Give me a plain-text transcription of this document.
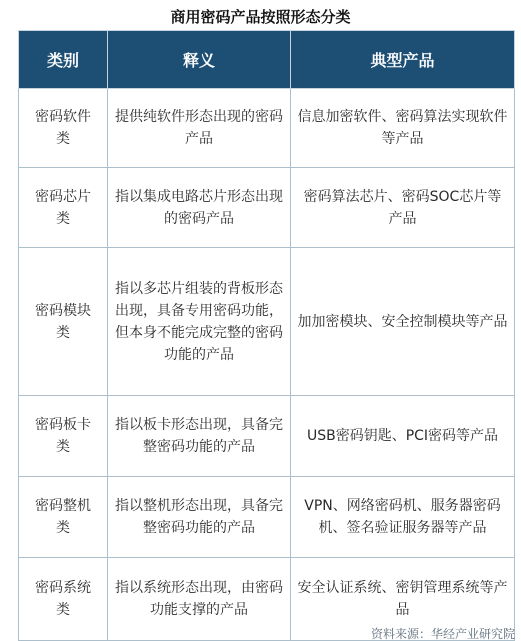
商用密码产品按照形态分类
类别	释义	典型产品
密码软件类	提供纯软件形态出现的密码产品	信息加密软件、密码算法实现软件等产品
密码芯片类	指以集成电路芯片形态出现的密码产品	密码算法芯片、密码SOC芯片等产品
密码模块类	指以多芯片组装的背板形态出现，具备专用密码功能，但本身不能完成完整的密码功能的产品	加加密模块、安全控制模块等产品
密码板卡类	指以板卡形态出现，具备完整密码功能的产品	USB密码钥匙、PCI密码等产品
密码整机类	指以整机形态出现，具备完整密码功能的产品	VPN、网络密码机、服务器密码机、签名验证服务器等产品
密码系统类	指以系统形态出现，由密码功能支撑的产品	安全认证系统、密钥管理系统等产品
资料来源：华经产业研究院
